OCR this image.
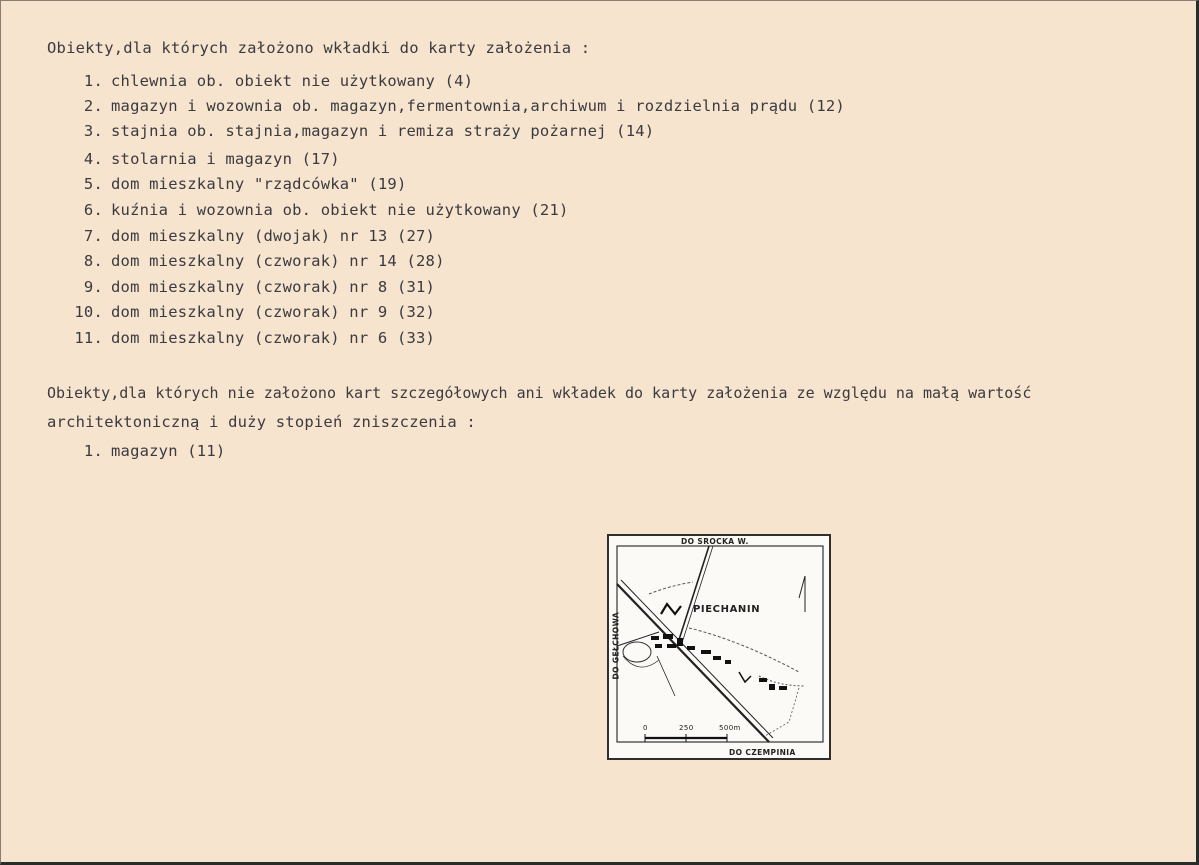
Obiekty,dla których założono wkładki do karty założenia :
1. chlewnia ob. obiekt nie użytkowany (4)
2. magazyn i wozownia ob. magazyn,fermentownia,archiwum i rozdzielnia prądu (12)
3. stajnia ob. stajnia,magazyn i remiza straży pożarnej (14)
4. stolarnia i magazyn (17)
5. dom mieszkalny "rządcówka" (19)
6. kuźnia i wozownia ob. obiekt nie użytkowany (21)
7. dom mieszkalny (dwojak) nr 13 (27)
8. dom mieszkalny (czworak) nr 14 (28)
9. dom mieszkalny (czworak) nr 8 (31)
10. dom mieszkalny (czworak) nr 9 (32)
11. dom mieszkalny (czworak) nr 6 (33)
Obiekty,dla których nie założono kart szczegółowych ani wkładek do karty założenia ze względu na małą wartość
architektoniczną i duży stopień zniszczenia :
1. magazyn (11)
DO SROCKA W.
PIECHANIN
DO GEŁCHOWA
DO CZEMPINIA
0	250	500m
